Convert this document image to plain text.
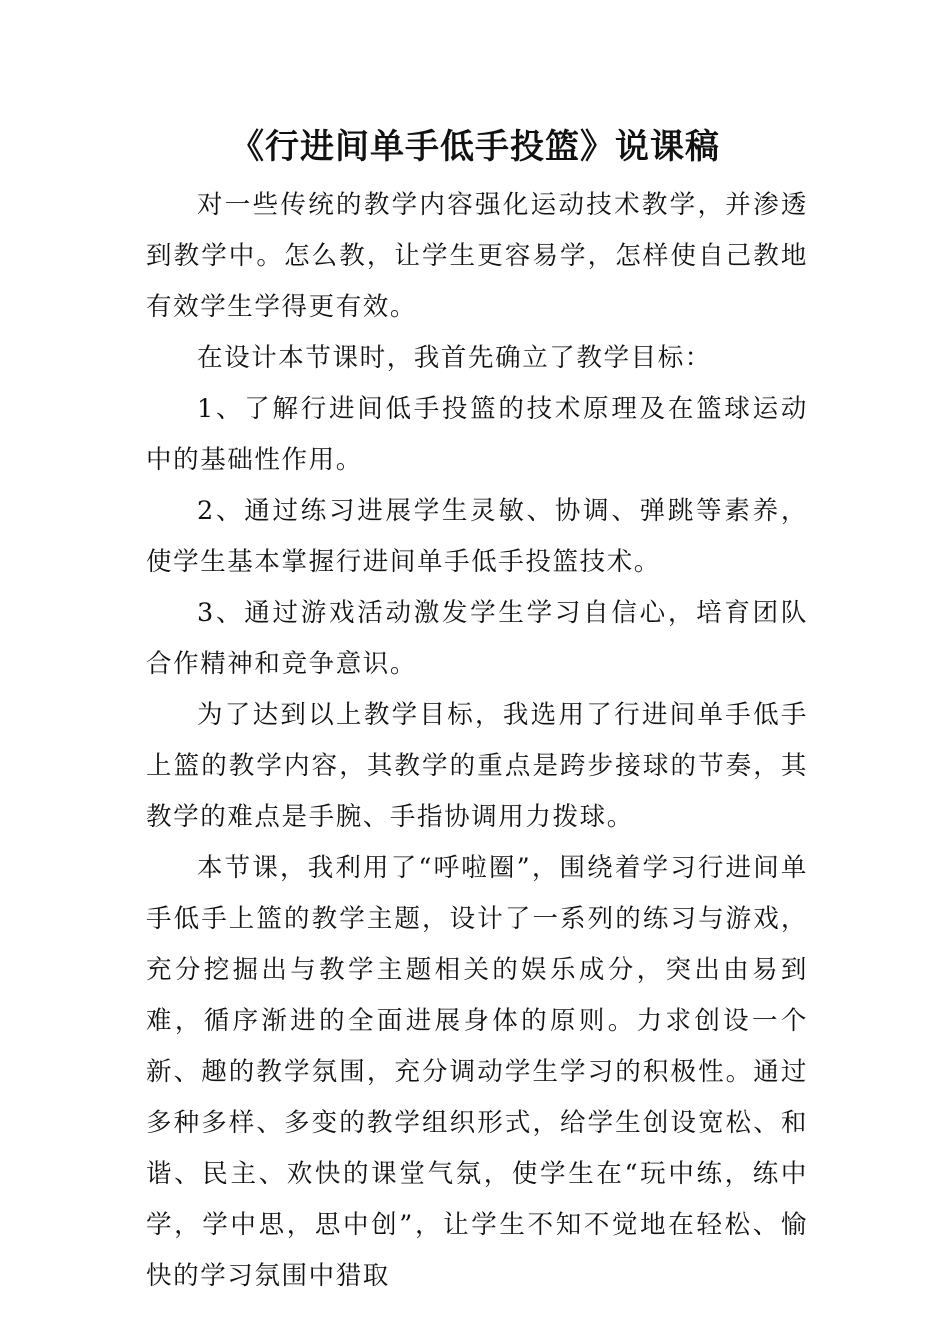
《行进间单手低手投篮》说课稿

对一些传统的教学内容强化运动技术教学，并渗透到教学中。怎么教，让学生更容易学，怎样使自己教地有效学生学得更有效。

在设计本节课时，我首先确立了教学目标：

1、了解行进间低手投篮的技术原理及在篮球运动中的基础性作用。

2、通过练习进展学生灵敏、协调、弹跳等素养，使学生基本掌握行进间单手低手投篮技术。

3、通过游戏活动激发学生学习自信心，培育团队合作精神和竞争意识。

为了达到以上教学目标，我选用了行进间单手低手上篮的教学内容，其教学的重点是跨步接球的节奏，其教学的难点是手腕、手指协调用力拨球。

本节课，我利用了“呼啦圈”，围绕着学习行进间单手低手上篮的教学主题，设计了一系列的练习与游戏，充分挖掘出与教学主题相关的娱乐成分，突出由易到难，循序渐进的全面进展身体的原则。力求创设一个新、趣的教学氛围，充分调动学生学习的积极性。通过多种多样、多变的教学组织形式，给学生创设宽松、和谐、民主、欢快的课堂气氛，使学生在“玩中练，练中学，学中思，思中创”，让学生不知不觉地在轻松、愉快的学习氛围中猎取
